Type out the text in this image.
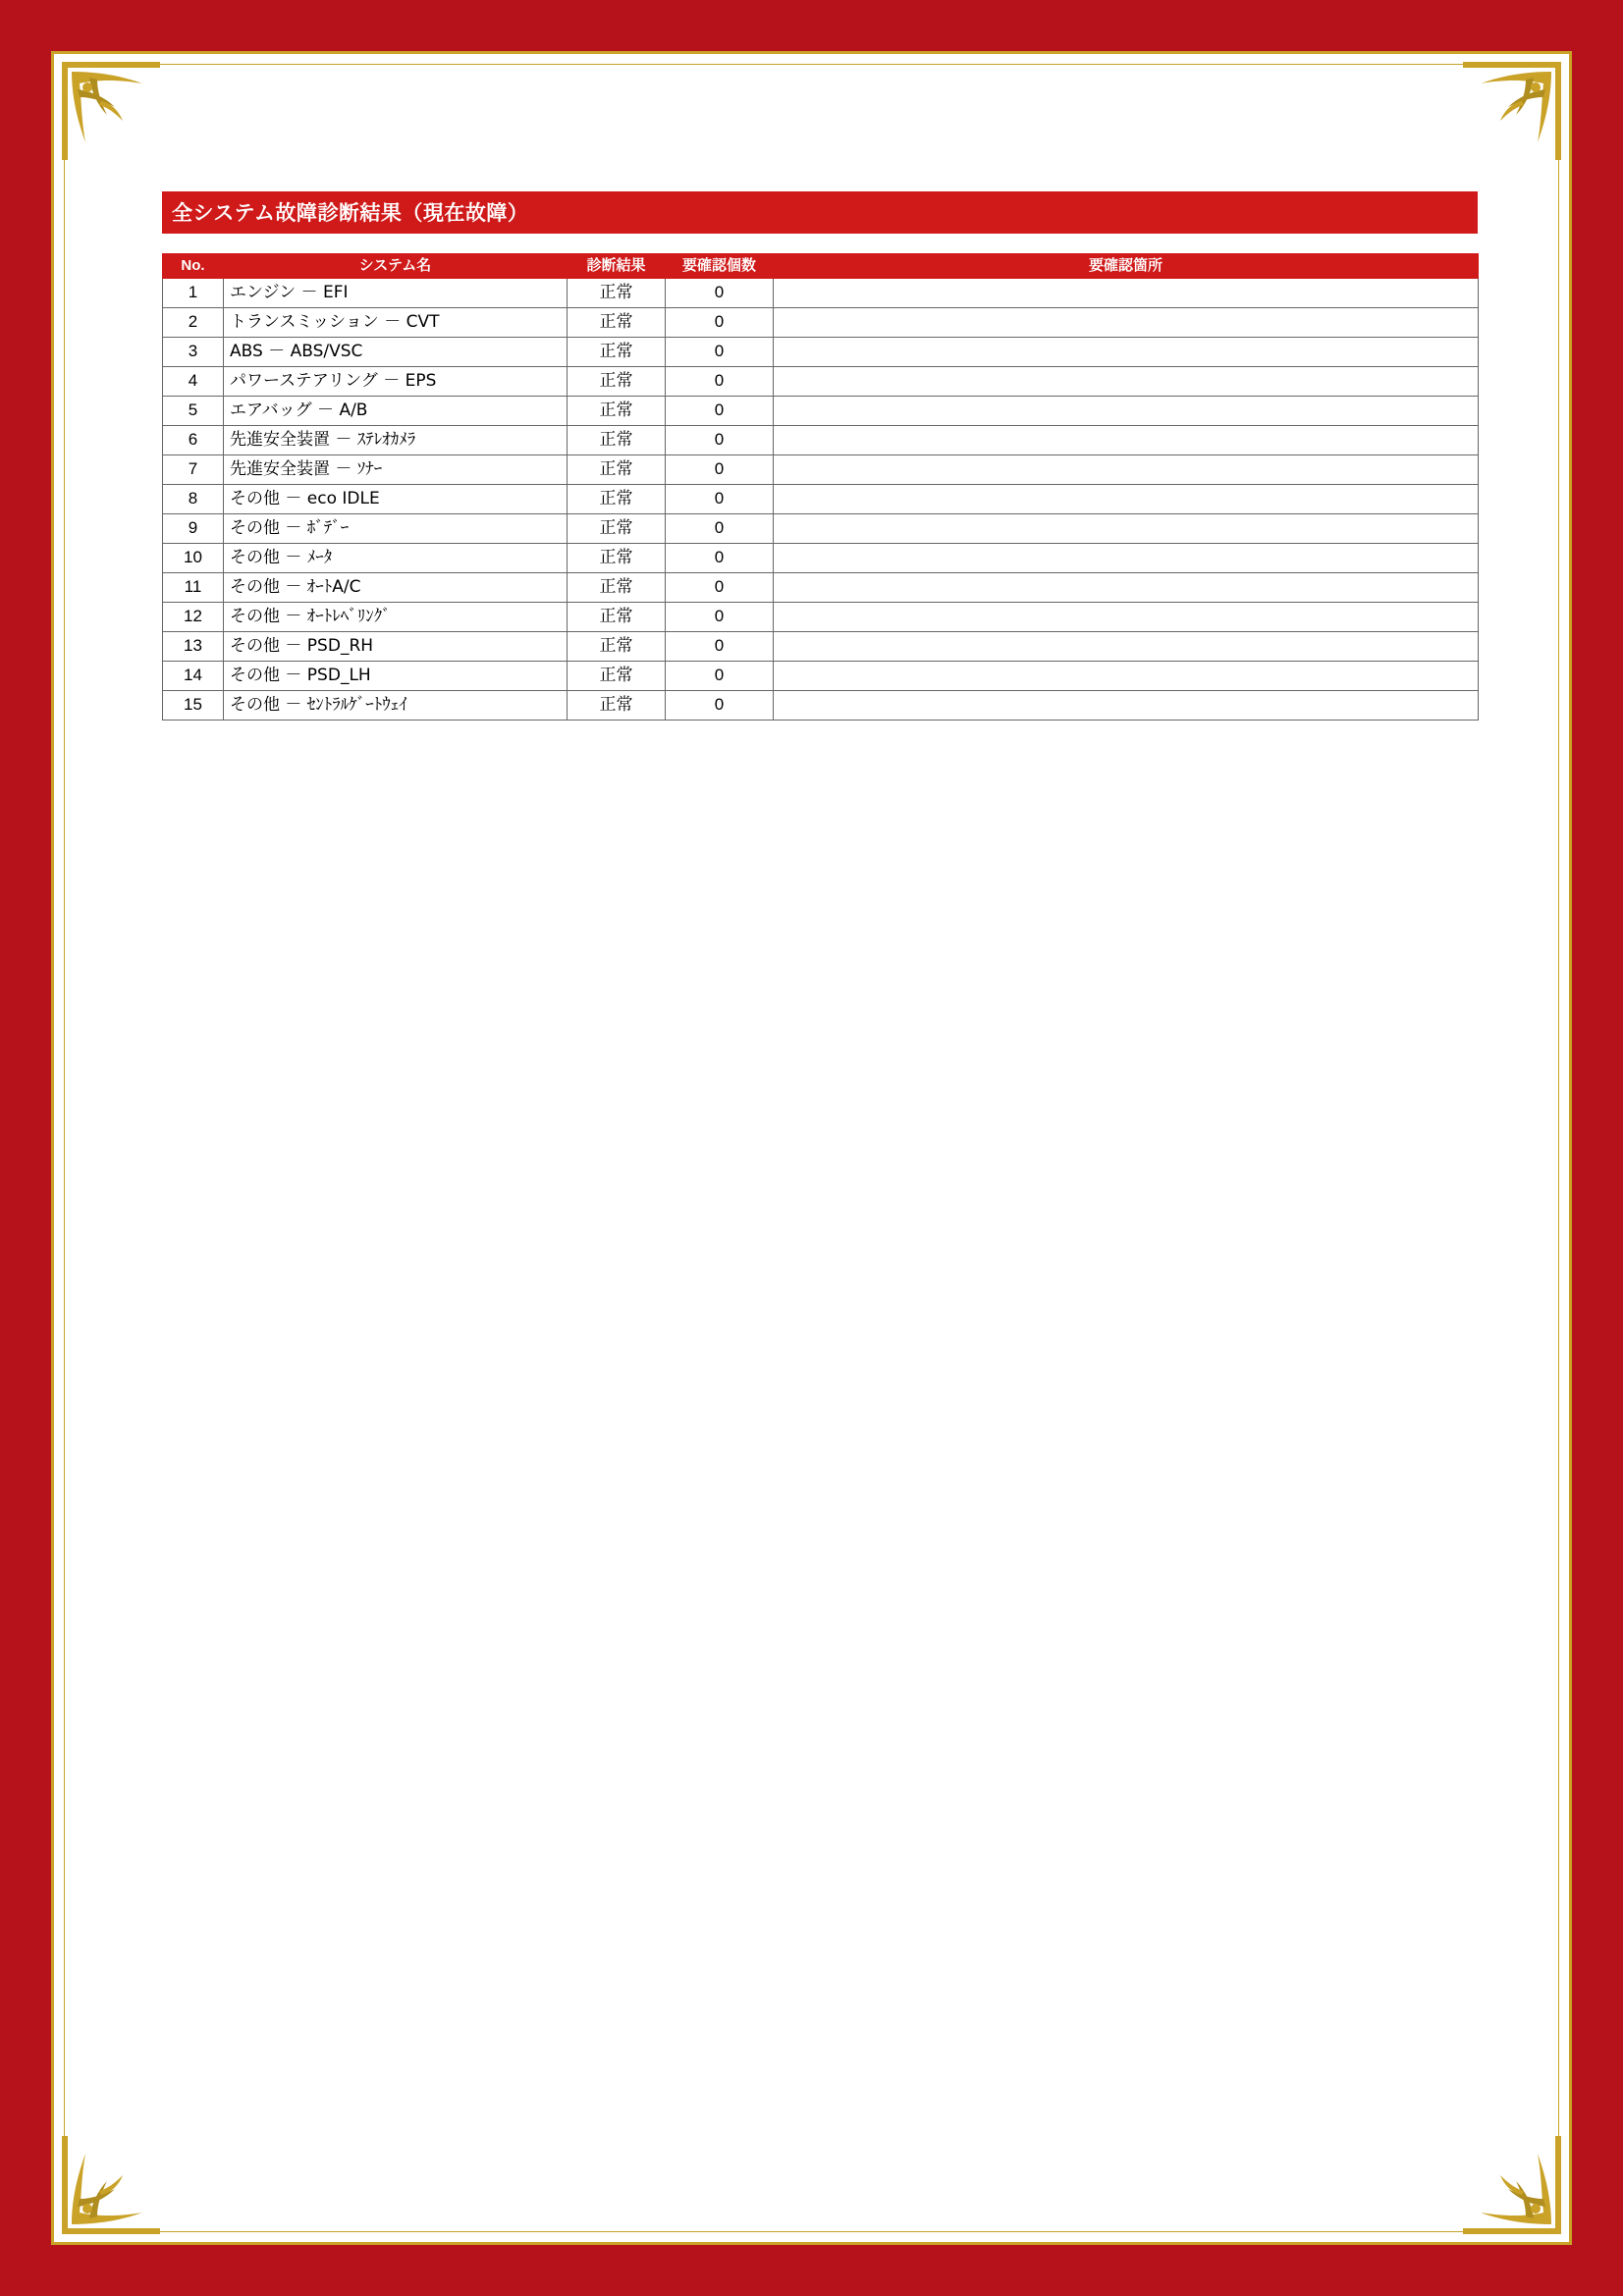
全システム故障診断結果（現在故障）
No.	システム名	診断結果	要確認個数	要確認箇所
1	エンジン － EFI	正常	0	
2	トランスミッション － CVT	正常	0	
3	ABS － ABS/VSC	正常	0	
4	パワーステアリング － EPS	正常	0	
5	エアバッグ － A/B	正常	0	
6	先進安全装置 － ｽﾃﾚｵｶﾒﾗ	正常	0	
7	先進安全装置 － ｿﾅｰ	正常	0	
8	その他 － eco IDLE	正常	0	
9	その他 － ﾎﾞﾃﾞｰ	正常	0	
10	その他 － ﾒｰﾀ	正常	0	
11	その他 － ｵｰﾄA/C	正常	0	
12	その他 － ｵｰﾄﾚﾍﾞﾘﾝｸﾞ	正常	0	
13	その他 － PSD_RH	正常	0	
14	その他 － PSD_LH	正常	0	
15	その他 － ｾﾝﾄﾗﾙｹﾞｰﾄｳｪｲ	正常	0	
